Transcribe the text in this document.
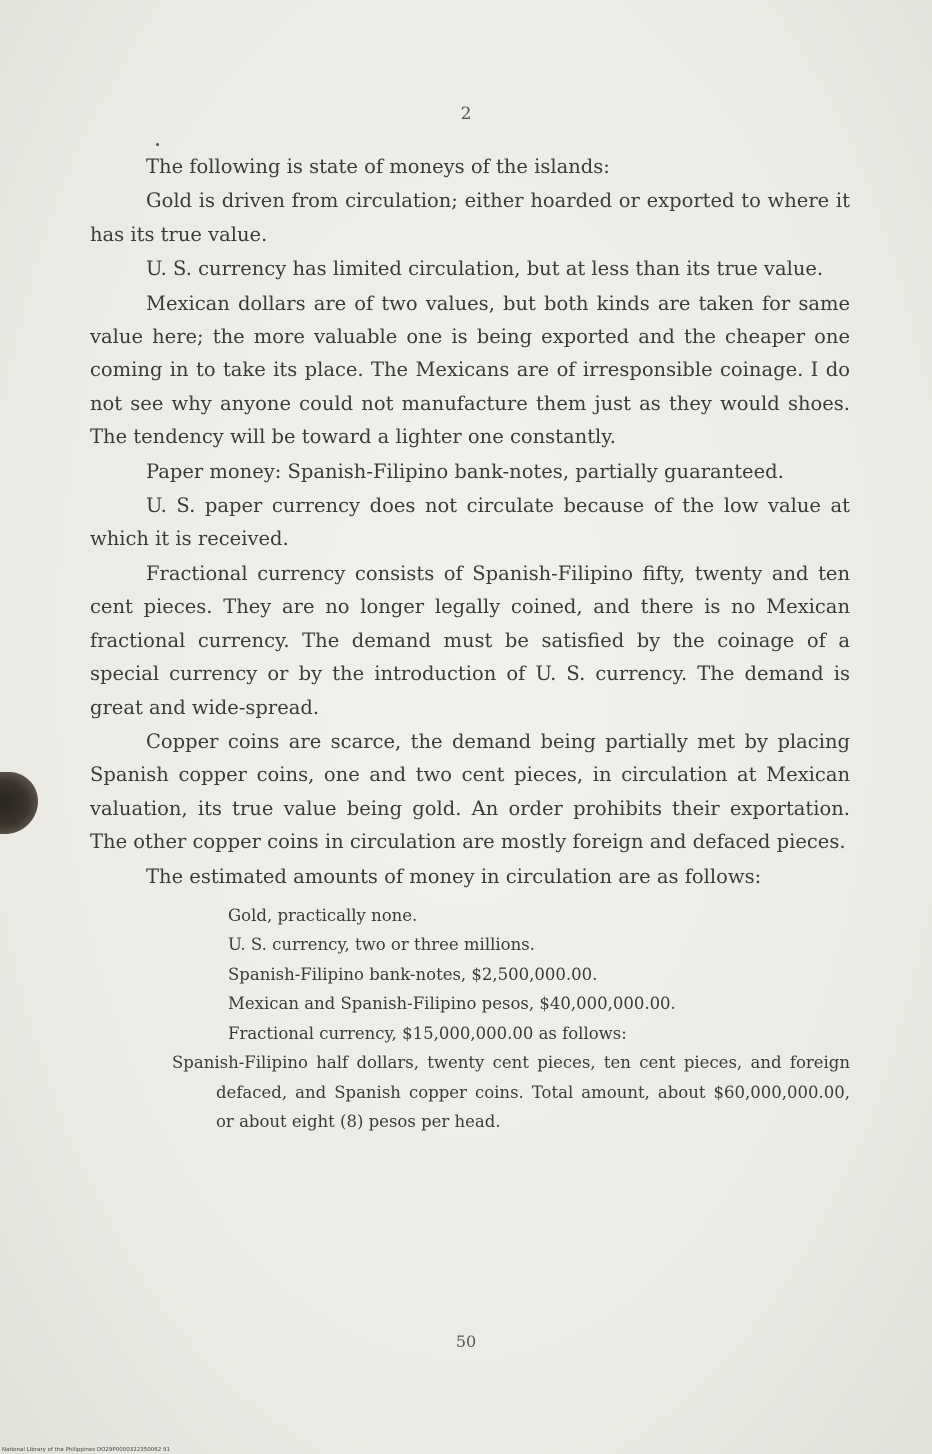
2

The following is state of moneys of the islands:

Gold is driven from circulation; either hoarded or exported to where it has its true value.

U. S. currency has limited circulation, but at less than its true value.

Mexican dollars are of two values, but both kinds are taken for same value here; the more valuable one is being exported and the cheaper one coming in to take its place. The Mexicans are of irresponsible coinage. I do not see why anyone could not manufacture them just as they would shoes. The tendency will be toward a lighter one constantly.

Paper money: Spanish-Filipino bank-notes, partially guaranteed.

U. S. paper currency does not circulate because of the low value at which it is received.

Fractional currency consists of Spanish-Filipino fifty, twenty and ten cent pieces. They are no longer legally coined, and there is no Mexican fractional currency. The demand must be satisfied by the coinage of a special currency or by the introduction of U. S. currency. The demand is great and wide-spread.

Copper coins are scarce, the demand being partially met by placing Spanish copper coins, one and two cent pieces, in circulation at Mexican valuation, its true value being gold. An order prohibits their exportation. The other copper coins in circulation are mostly foreign and defaced pieces.

The estimated amounts of money in circulation are as follows:

Gold, practically none.

U. S. currency, two or three millions.

Spanish-Filipino bank-notes, $2,500,000.00.

Mexican and Spanish-Filipino pesos, $40,000,000.00.

Fractional currency, $15,000,000.00 as follows:

Spanish-Filipino half dollars, twenty cent pieces, ten cent pieces, and foreign defaced, and Spanish copper coins. Total amount, about $60,000,000.00, or about eight (8) pesos per head.

50
National Library of the Philippines DO29P0000322350062 91
